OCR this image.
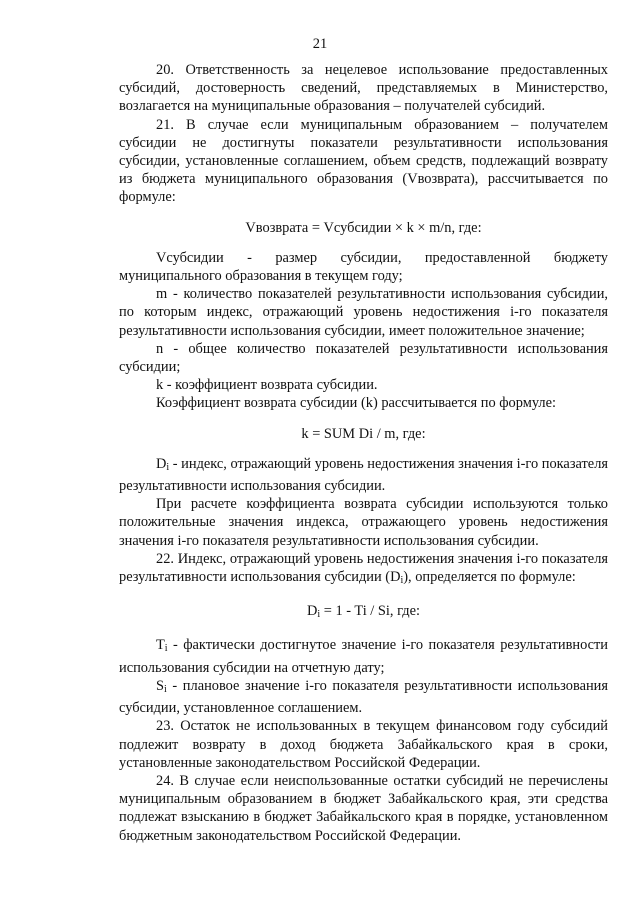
21

20. Ответственность за нецелевое использование предоставленных субсидий, достоверность сведений, представляемых в Министерство, возлагается на муниципальные образования – получателей субсидий.

21. В случае если муниципальным образованием – получателем субсидии не достигнуты показатели результативности использования субсидии, установленные соглашением, объем средств, подлежащий возврату из бюджета муниципального образования (Vвозврата), рассчитывается по формуле:

Vвозврата = Vсубсидии × k × m/n, где:

Vсубсидии - размер субсидии, предоставленной бюджету муниципального образования в текущем году;

m - количество показателей результативности использования субсидии, по которым индекс, отражающий уровень недостижения i-го показателя результативности использования субсидии, имеет положительное значение;

n - общее количество показателей результативности использования субсидии;

k - коэффициент возврата субсидии.

Коэффициент возврата субсидии (k) рассчитывается по формуле:

k = SUM Di / m, где:

$D_i$ - индекс, отражающий уровень недостижения значения i-го показателя результативности использования субсидии.

При расчете коэффициента возврата субсидии используются только положительные значения индекса, отражающего уровень недостижения значения i-го показателя результативности использования субсидии.

22. Индекс, отражающий уровень недостижения значения i-го показателя результативности использования субсидии $(D_i)$, определяется по формуле:

$D_i = 1 - Ti / Si$, где:

$T_i$ - фактически достигнутое значение i-го показателя результативности использования субсидии на отчетную дату;

$S_i$ - плановое значение i-го показателя результативности использования субсидии, установленное соглашением.

23. Остаток не использованных в текущем финансовом году субсидий подлежит возврату в доход бюджета Забайкальского края в сроки, установленные законодательством Российской Федерации.

24. В случае если неиспользованные остатки субсидий не перечислены муниципальным образованием в бюджет Забайкальского края, эти средства подлежат взысканию в бюджет Забайкальского края в порядке, установленном бюджетным законодательством Российской Федерации.
